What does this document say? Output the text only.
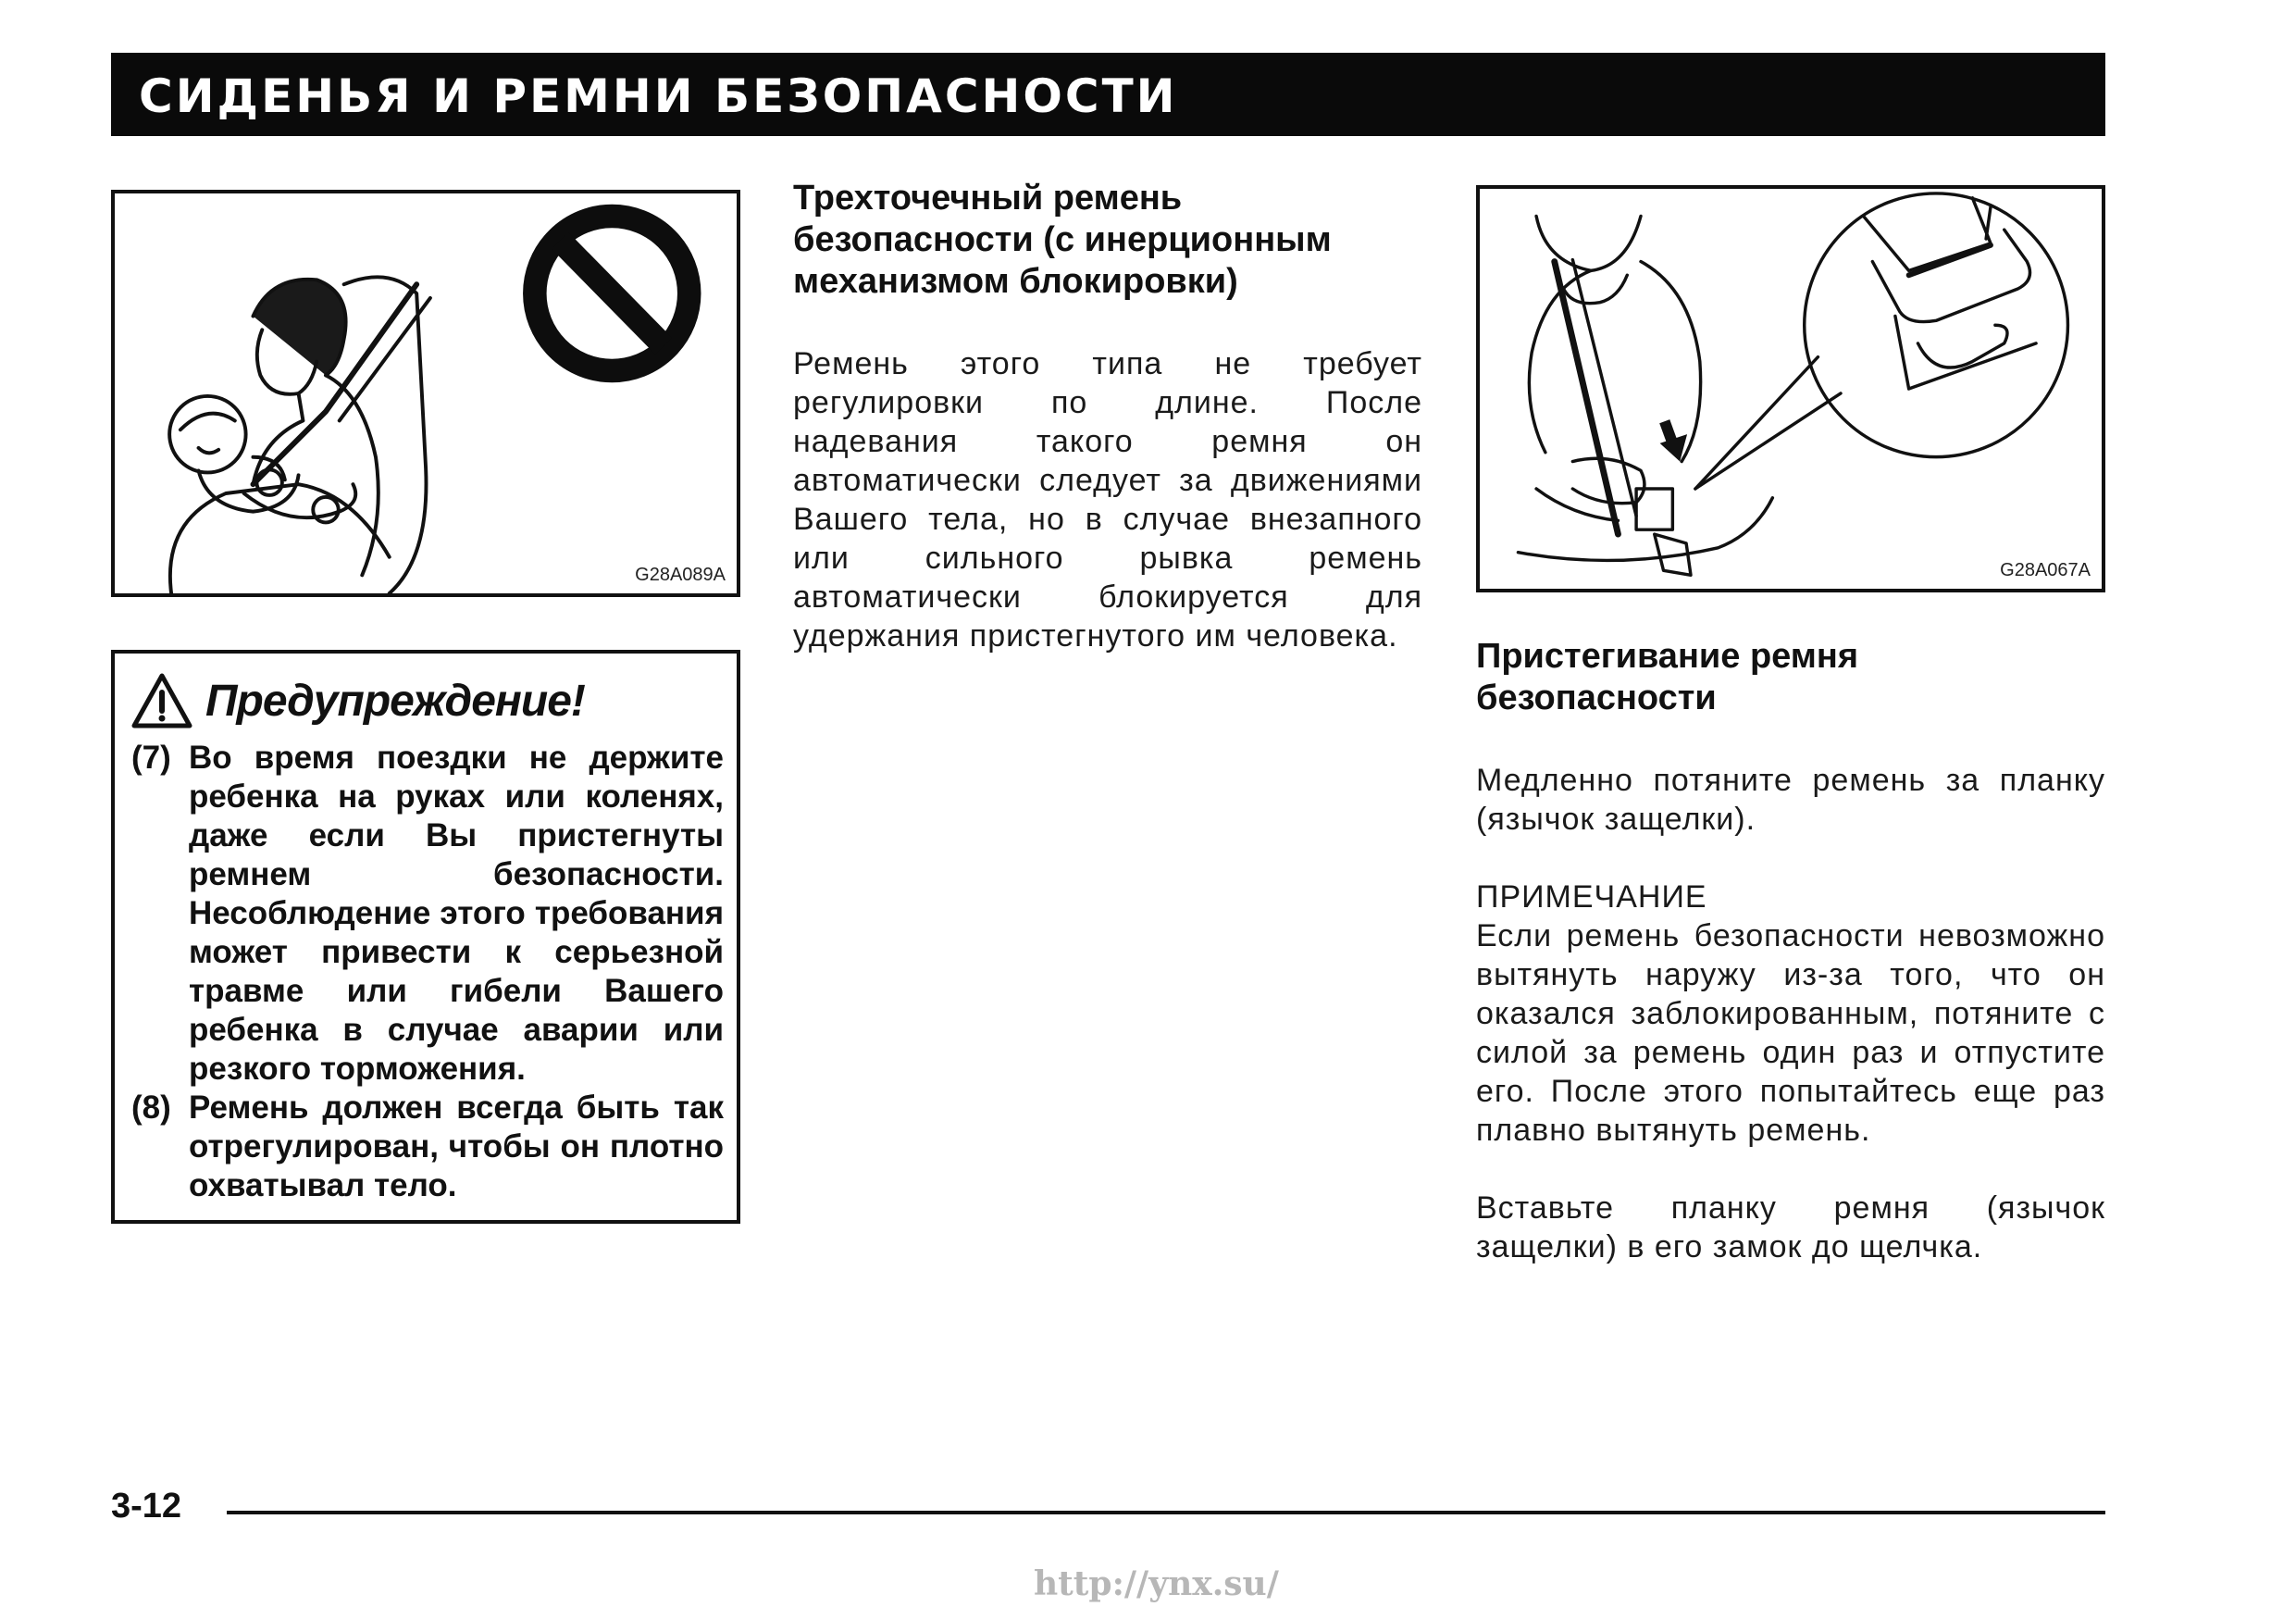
СИДЕНЬЯ И РЕМНИ БЕЗОПАСНОСТИ
G28A089A
Предупреждение!
(7) Во время поездки не держите ребенка на руках или коленях, даже если Вы пристегнуты ремнем безопасности. Несоблюдение этого требования может привести к серьезной травме или гибели Вашего ребенка в случае аварии или резкого торможения.
(8) Ремень должен всегда быть так отрегулирован, чтобы он плотно охватывал тело.
Трехточечный ремень безопасности (с инерционным механизмом блокировки)
Ремень этого типа не требует регулировки по длине. После надевания такого ремня он автоматически следует за движениями Вашего тела, но в случае внезапного или сильного рывка ремень автоматически блокируется для удержания пристегнутого им человека.
G28A067A
Пристегивание ремня безопасности
Медленно потяните ремень за планку (язычок защелки).
ПРИМЕЧАНИЕ
Если ремень безопасности невозможно вытянуть наружу из-за того, что он оказался заблокированным, потяните с силой за ремень один раз и отпустите его. После этого попытайтесь еще раз плавно вытянуть ремень.
Вставьте планку ремня (язычок защелки) в его замок до щелчка.
3-12
http://ynx.su/
